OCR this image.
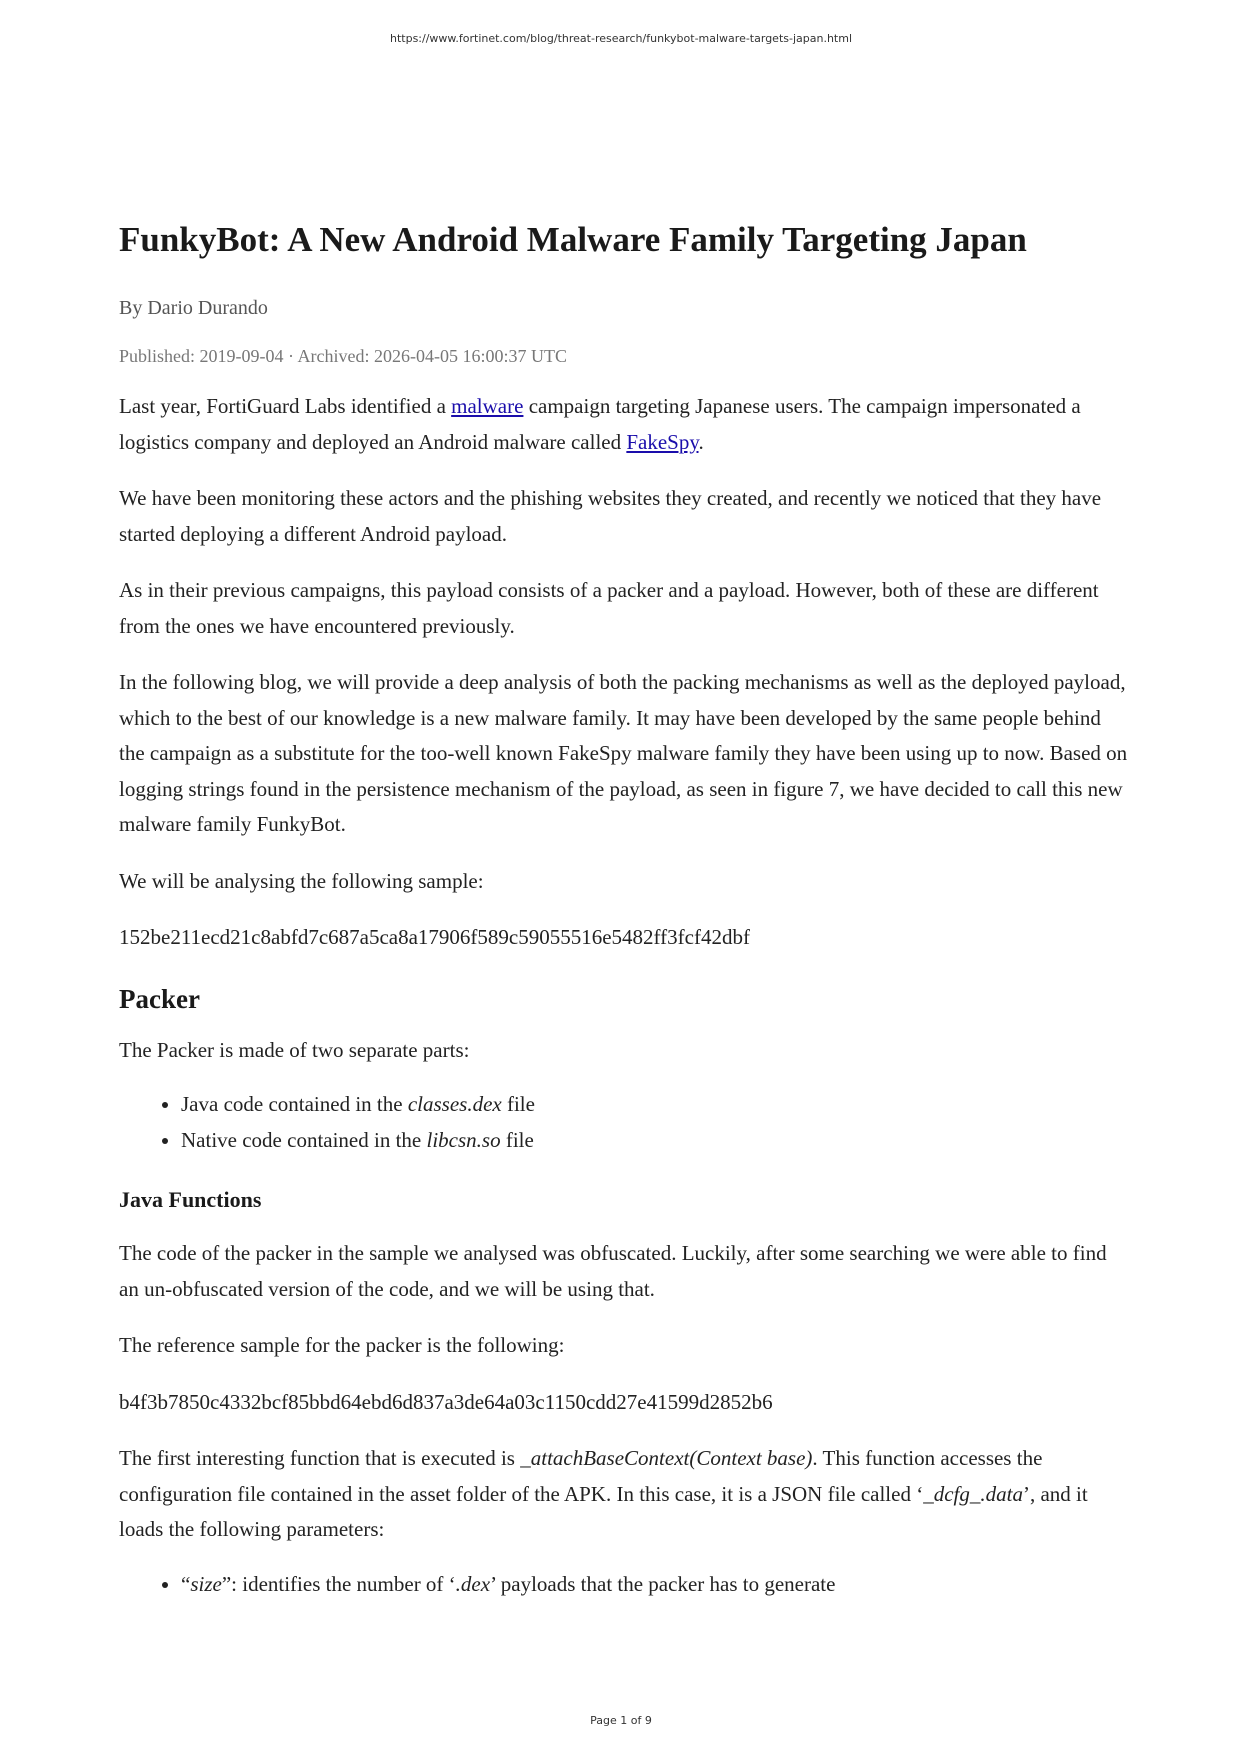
https://www.fortinet.com/blog/threat-research/funkybot-malware-targets-japan.html
FunkyBot: A New Android Malware Family Targeting Japan
By Dario Durando
Published: 2019-09-04 · Archived: 2026-04-05 16:00:37 UTC

Last year, FortiGuard Labs identified a malware campaign targeting Japanese users. The campaign impersonated a logistics company and deployed an Android malware called FakeSpy.

We have been monitoring these actors and the phishing websites they created, and recently we noticed that they have started deploying a different Android payload.

As in their previous campaigns, this payload consists of a packer and a payload. However, both of these are different from the ones we have encountered previously.

In the following blog, we will provide a deep analysis of both the packing mechanisms as well as the deployed payload, which to the best of our knowledge is a new malware family. It may have been developed by the same people behind the campaign as a substitute for the too-well known FakeSpy malware family they have been using up to now. Based on logging strings found in the persistence mechanism of the payload, as seen in figure 7, we have decided to call this new malware family FunkyBot.

We will be analysing the following sample:

152be211ecd21c8abfd7c687a5ca8a17906f589c59055516e5482ff3fcf42dbf

Packer

The Packer is made of two separate parts:

• Java code contained in the classes.dex file
• Native code contained in the libcsn.so file
Java Functions

The code of the packer in the sample we analysed was obfuscated. Luckily, after some searching we were able to find an un-obfuscated version of the code, and we will be using that.

The reference sample for the packer is the following:

b4f3b7850c4332bcf85bbd64ebd6d837a3de64a03c1150cdd27e41599d2852b6

The first interesting function that is executed is _attachBaseContext(Context base). This function accesses the configuration file contained in the asset folder of the APK. In this case, it is a JSON file called ‘_dcfg_.data’, and it loads the following parameters:

• “size”: identifies the number of ‘.dex’ payloads that the packer has to generate
Page 1 of 9
